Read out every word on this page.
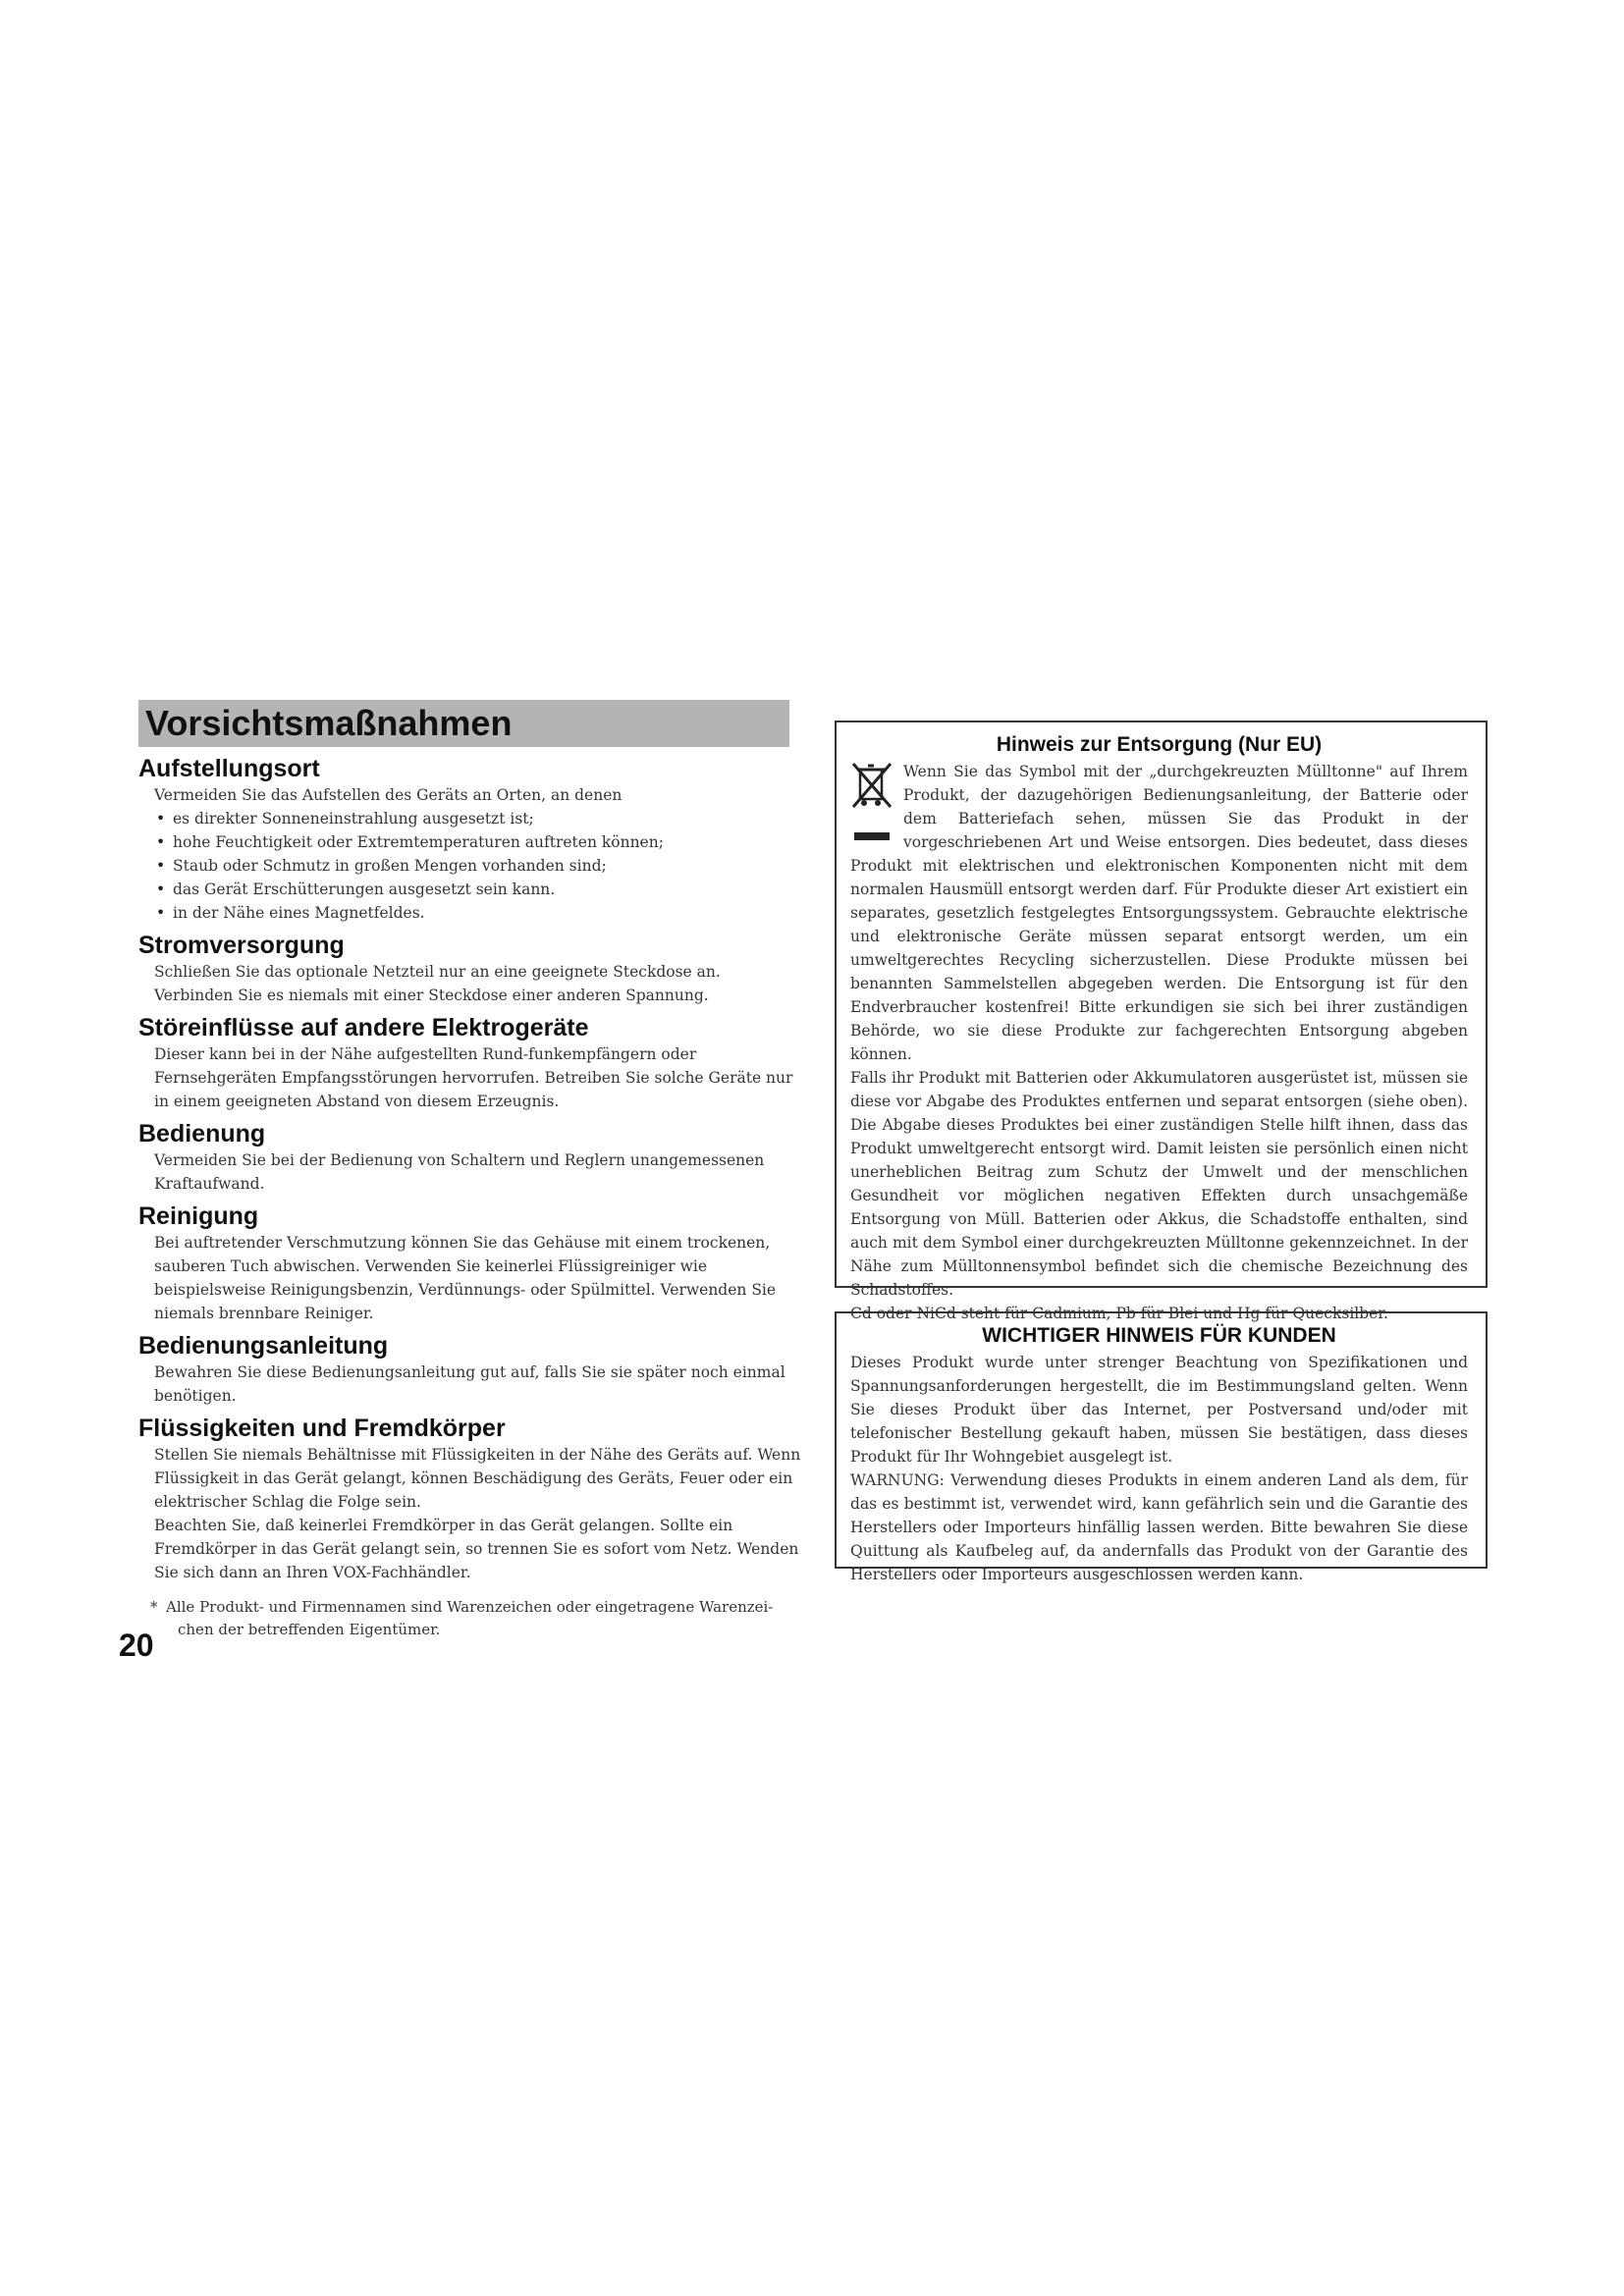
Vorsichtsmaßnahmen
Aufstellungsort

Vermeiden Sie das Aufstellen des Geräts an Orten, an denen

• es direkter Sonneneinstrahlung ausgesetzt ist;
• hohe Feuchtigkeit oder Extremtemperaturen auftreten können;
• Staub oder Schmutz in großen Mengen vorhanden sind;
• das Gerät Erschütterungen ausgesetzt sein kann.
• in der Nähe eines Magnetfeldes.
Stromversorgung

Schließen Sie das optionale Netzteil nur an eine geeignete Steckdose an. Verbinden Sie es niemals mit einer Steckdose einer anderen Spannung.

Störeinflüsse auf andere Elektrogeräte

Dieser kann bei in der Nähe aufgestellten Rund-funkempfängern oder Fernsehgeräten Empfangsstörungen hervorrufen. Betreiben Sie solche Geräte nur in einem geeigneten Abstand von diesem Erzeugnis.

Bedienung

Vermeiden Sie bei der Bedienung von Schaltern und Reglern unangemessenen Kraftaufwand.

Reinigung

Bei auftretender Verschmutzung können Sie das Gehäuse mit einem trockenen, sauberen Tuch abwischen. Verwenden Sie keinerlei Flüssigreiniger wie beispielsweise Reinigungsbenzin, Verdünnungs- oder Spülmittel. Verwenden Sie niemals brennbare Reiniger.

Bedienungsanleitung

Bewahren Sie diese Bedienungsanleitung gut auf, falls Sie sie später noch einmal benötigen.

Flüssigkeiten und Fremdkörper

Stellen Sie niemals Behältnisse mit Flüssigkeiten in der Nähe des Geräts auf. Wenn Flüssigkeit in das Gerät gelangt, können Beschädigung des Geräts, Feuer oder ein elektrischer Schlag die Folge sein.

Beachten Sie, daß keinerlei Fremdkörper in das Gerät gelangen. Sollte ein Fremdkörper in das Gerät gelangt sein, so trennen Sie es sofort vom Netz. Wenden Sie sich dann an Ihren VOX-Fachhändler.

* Alle Produkt- und Firmennamen sind Warenzeichen oder eingetragene Warenzei-
chen der betreffenden Eigentümer.
20
Hinweis zur Entsorgung (Nur EU)

Wenn Sie das Symbol mit der „durchgekreuzten Mülltonne" auf Ihrem Produkt, der dazugehörigen Bedienungsanleitung, der Batterie oder dem Batteriefach sehen, müssen Sie das Produkt in der vorgeschriebenen Art und Weise entsorgen. Dies bedeutet, dass dieses Produkt mit elektrischen und elektronischen Komponenten nicht mit dem normalen Hausmüll entsorgt werden darf. Für Produkte dieser Art existiert ein separates, gesetzlich festgelegtes Entsorgungssystem. Gebrauchte elektrische und elektronische Geräte müssen separat entsorgt werden, um ein umweltgerechtes Recycling sicherzustellen. Diese Produkte müssen bei benannten Sammelstellen abgegeben werden. Die Entsorgung ist für den Endverbraucher kostenfrei! Bitte erkundigen sie sich bei ihrer zuständigen Behörde, wo sie diese Produkte zur fachgerechten Entsorgung abgeben können.

Falls ihr Produkt mit Batterien oder Akkumulatoren ausgerüstet ist, müssen sie diese vor Abgabe des Produktes entfernen und separat entsorgen (siehe oben). Die Abgabe dieses Produktes bei einer zuständigen Stelle hilft ihnen, dass das Produkt umweltgerecht entsorgt wird. Damit leisten sie persönlich einen nicht unerheblichen Beitrag zum Schutz der Umwelt und der menschlichen Gesundheit vor möglichen negativen Effekten durch unsachgemäße Entsorgung von Müll. Batterien oder Akkus, die Schadstoffe enthalten, sind auch mit dem Symbol einer durchgekreuzten Mülltonne gekennzeichnet. In der Nähe zum Mülltonnensymbol befindet sich die chemische Bezeichnung des Schadstoffes.

Cd oder NiCd steht für Cadmium, Pb für Blei und Hg für Quecksilber.

WICHTIGER HINWEIS FÜR KUNDEN

Dieses Produkt wurde unter strenger Beachtung von Spezifikationen und Spannungsanforderungen hergestellt, die im Bestimmungsland gelten. Wenn Sie dieses Produkt über das Internet, per Postversand und/oder mit telefonischer Bestellung gekauft haben, müssen Sie bestätigen, dass dieses Produkt für Ihr Wohngebiet ausgelegt ist.

WARNUNG: Verwendung dieses Produkts in einem anderen Land als dem, für das es bestimmt ist, verwendet wird, kann gefährlich sein und die Garantie des Herstellers oder Importeurs hinfällig lassen werden. Bitte bewahren Sie diese Quittung als Kaufbeleg auf, da andernfalls das Produkt von der Garantie des Herstellers oder Importeurs ausgeschlossen werden kann.
